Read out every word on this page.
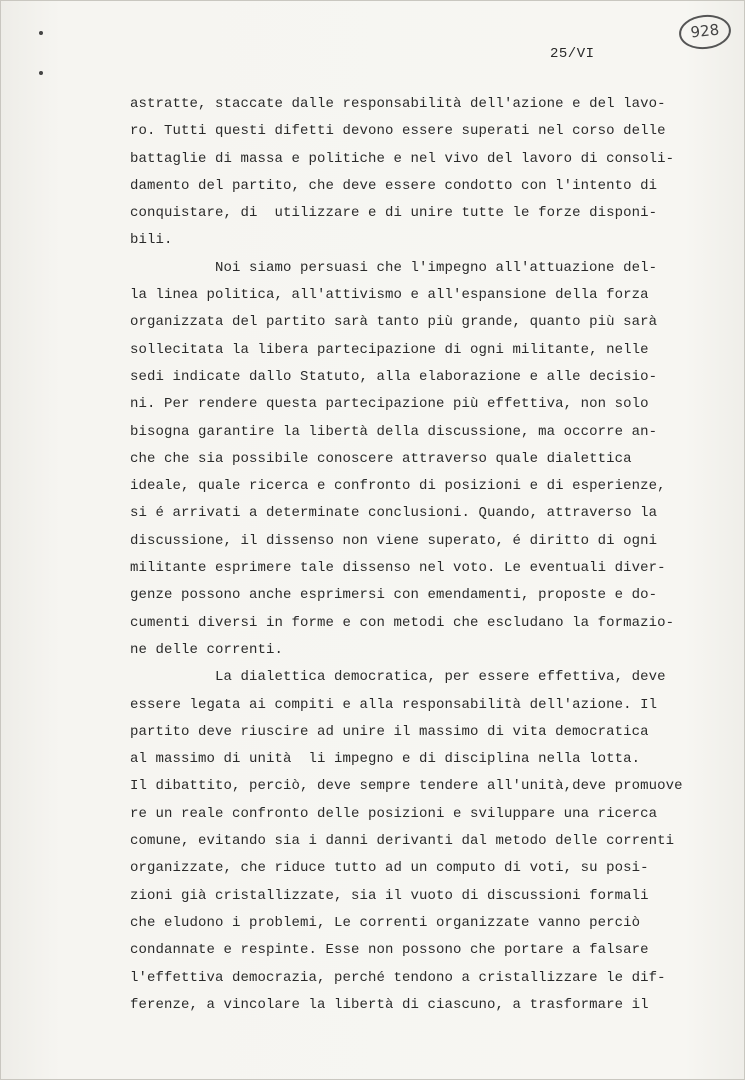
928
25/VI
astratte, staccate dalle responsabilità dell'azione e del lavo-
ro. Tutti questi difetti devono essere superati nel corso delle
battaglie di massa e politiche e nel vivo del lavoro di consoli-
damento del partito, che deve essere condotto con l'intento di
conquistare, di  utilizzare e di unire tutte le forze disponi-
bili.
Noi siamo persuasi che l'impegno all'attuazione del-
la linea politica, all'attivismo e all'espansione della forza
organizzata del partito sarà tanto più grande, quanto più sarà
sollecitata la libera partecipazione di ogni militante, nelle
sedi indicate dallo Statuto, alla elaborazione e alle decisio-
ni. Per rendere questa partecipazione più effettiva, non solo
bisogna garantire la libertà della discussione, ma occorre an-
che che sia possibile conoscere attraverso quale dialettica
ideale, quale ricerca e confronto di posizioni e di esperienze,
si é arrivati a determinate conclusioni. Quando, attraverso la
discussione, il dissenso non viene superato, é diritto di ogni
militante esprimere tale dissenso nel voto. Le eventuali diver-
genze possono anche esprimersi con emendamenti, proposte e do-
cumenti diversi in forme e con metodi che escludano la formazio-
ne delle correnti.
La dialettica democratica, per essere effettiva, deve
essere legata ai compiti e alla responsabilità dell'azione. Il
partito deve riuscire ad unire il massimo di vita democratica
al massimo di unità  li impegno e di disciplina nella lotta.
Il dibattito, perciò, deve sempre tendere all'unità,deve promuove
re un reale confronto delle posizioni e sviluppare una ricerca
comune, evitando sia i danni derivanti dal metodo delle correnti
organizzate, che riduce tutto ad un computo di voti, su posi-
zioni già cristallizzate, sia il vuoto di discussioni formali
che eludono i problemi, Le correnti organizzate vanno perciò
condannate e respinte. Esse non possono che portare a falsare
l'effettiva democrazia, perché tendono a cristallizzare le dif-
ferenze, a vincolare la libertà di ciascuno, a trasformare il
